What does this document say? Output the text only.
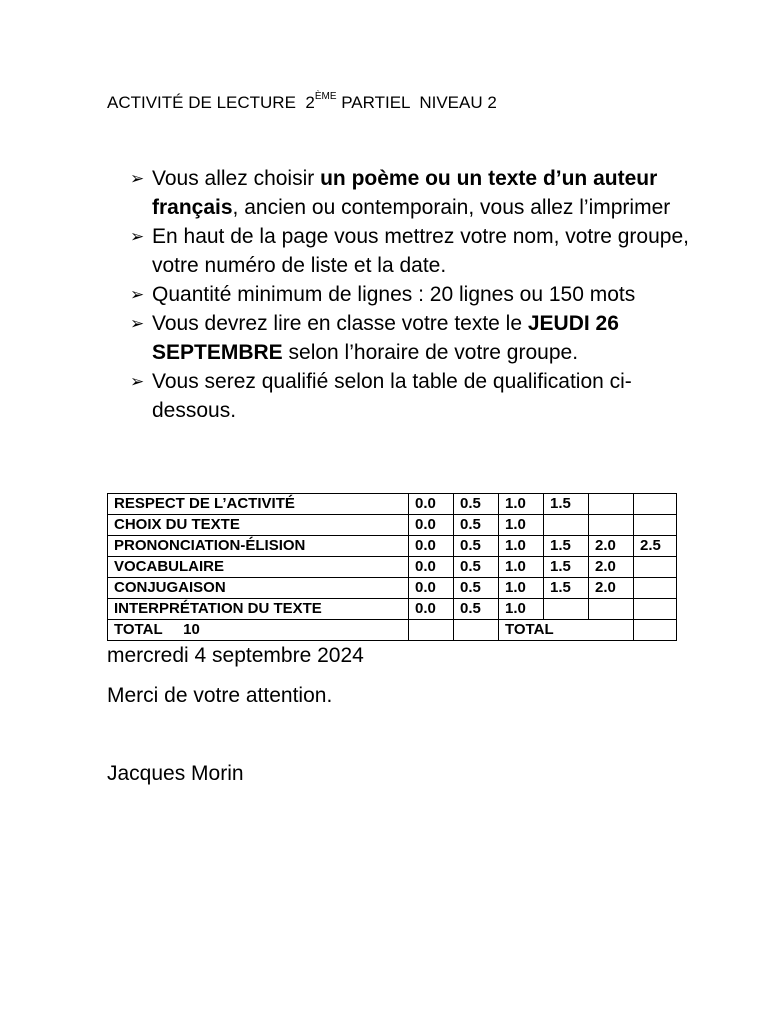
ACTIVITÉ DE LECTURE  2ÈME PARTIEL  NIVEAU 2
➢ Vous allez choisir un poème ou un texte d’un auteur français, ancien ou contemporain, vous allez l’imprimer
➢ En haut de la page vous mettrez votre nom, votre groupe, votre numéro de liste et la date.
➢ Quantité minimum de lignes : 20 lignes ou 150 mots
➢ Vous devrez lire en classe votre texte le JEUDI 26 SEPTEMBRE selon l’horaire de votre groupe.
➢ Vous serez qualifié selon la table de qualification ci-dessous.
RESPECT DE L’ACTIVITÉ	0.0	0.5	1.0	1.5		
CHOIX DU TEXTE	0.0	0.5	1.0			
PRONONCIATION-ÉLISION	0.0	0.5	1.0	1.5	2.0	2.5
VOCABULAIRE	0.0	0.5	1.0	1.5	2.0	
CONJUGAISON	0.0	0.5	1.0	1.5	2.0	
INTERPRÉTATION DU TEXTE	0.0	0.5	1.0			
TOTAL     10			TOTAL			
mercredi 4 septembre 2024
Merci de votre attention.
Jacques Morin
